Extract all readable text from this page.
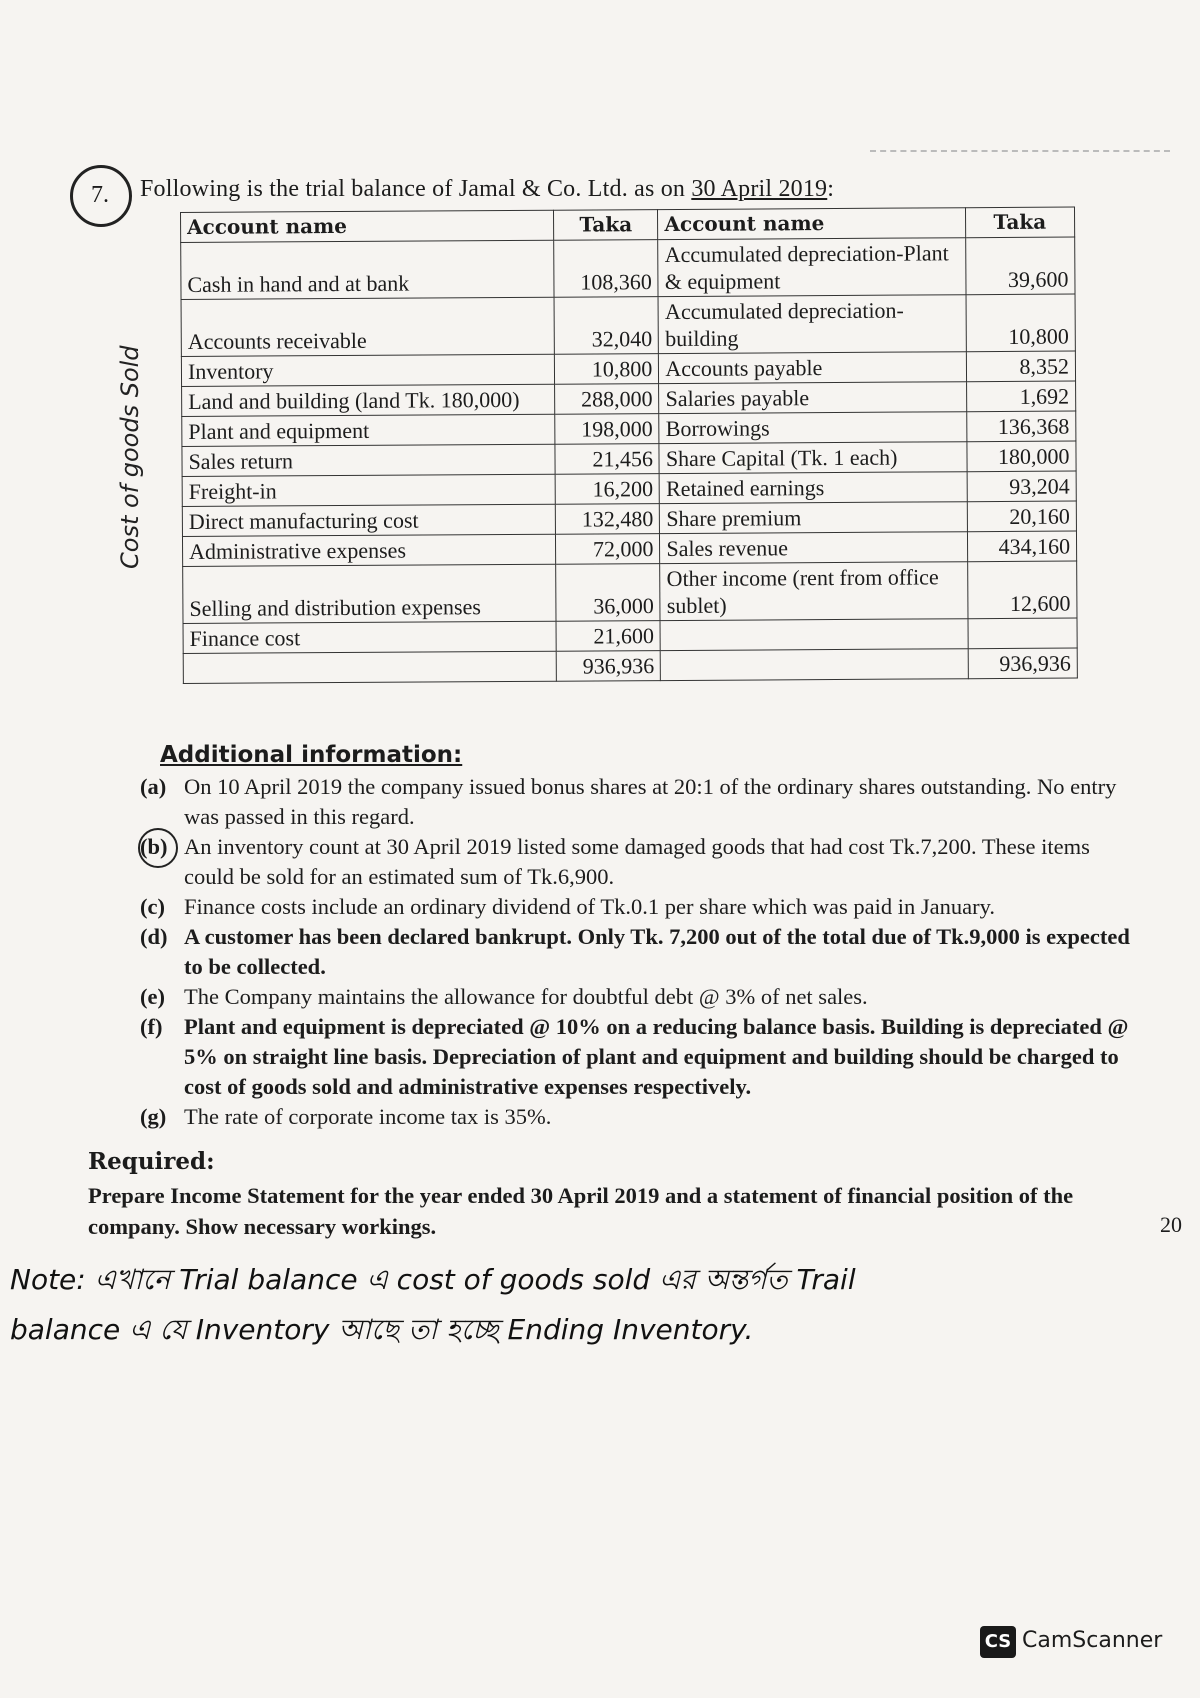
7. Following is the trial balance of Jamal & Co. Ltd. as on 30 April 2019:
Cost of goods Sold
Account name	Taka	Account name	Taka
Cash in hand and at bank	108,360	Accumulated depreciation-Plant & equipment	39,600
Accounts receivable	32,040	Accumulated depreciation-building	10,800
Inventory	10,800	Accounts payable	8,352
Land and building (land Tk. 180,000)	288,000	Salaries payable	1,692
Plant and equipment	198,000	Borrowings	136,368
Sales return	21,456	Share Capital (Tk. 1 each)	180,000
Freight-in	16,200	Retained earnings	93,204
Direct manufacturing cost	132,480	Share premium	20,160
Administrative expenses	72,000	Sales revenue	434,160
Selling and distribution expenses	36,000	Other income (rent from office sublet)	12,600
Finance cost	21,600		
	936,936		936,936
Additional information:

(a) On 10 April 2019 the company issued bonus shares at 20:1 of the ordinary shares outstanding. No entry was passed in this regard.

(b) An inventory count at 30 April 2019 listed some damaged goods that had cost Tk.7,200. These items could be sold for an estimated sum of Tk.6,900.

(c) Finance costs include an ordinary dividend of Tk.0.1 per share which was paid in January.

(d) A customer has been declared bankrupt. Only Tk. 7,200 out of the total due of Tk.9,000 is expected to be collected.

(e) The Company maintains the allowance for doubtful debt @ 3% of net sales.

(f) Plant and equipment is depreciated @ 10% on a reducing balance basis. Building is depreciated @ 5% on straight line basis. Depreciation of plant and equipment and building should be charged to cost of goods sold and administrative expenses respectively.

(g) The rate of corporate income tax is 35%.

Required:
Prepare Income Statement for the year ended 30 April 2019 and a statement of financial position of the company. Show necessary workings.	20
Note: এখানে Trial balance এ cost of goods sold এর অন্তর্গত Trail
balance এ যে Inventory আছে তা হচ্ছে Ending Inventory.
CS CamScanner
